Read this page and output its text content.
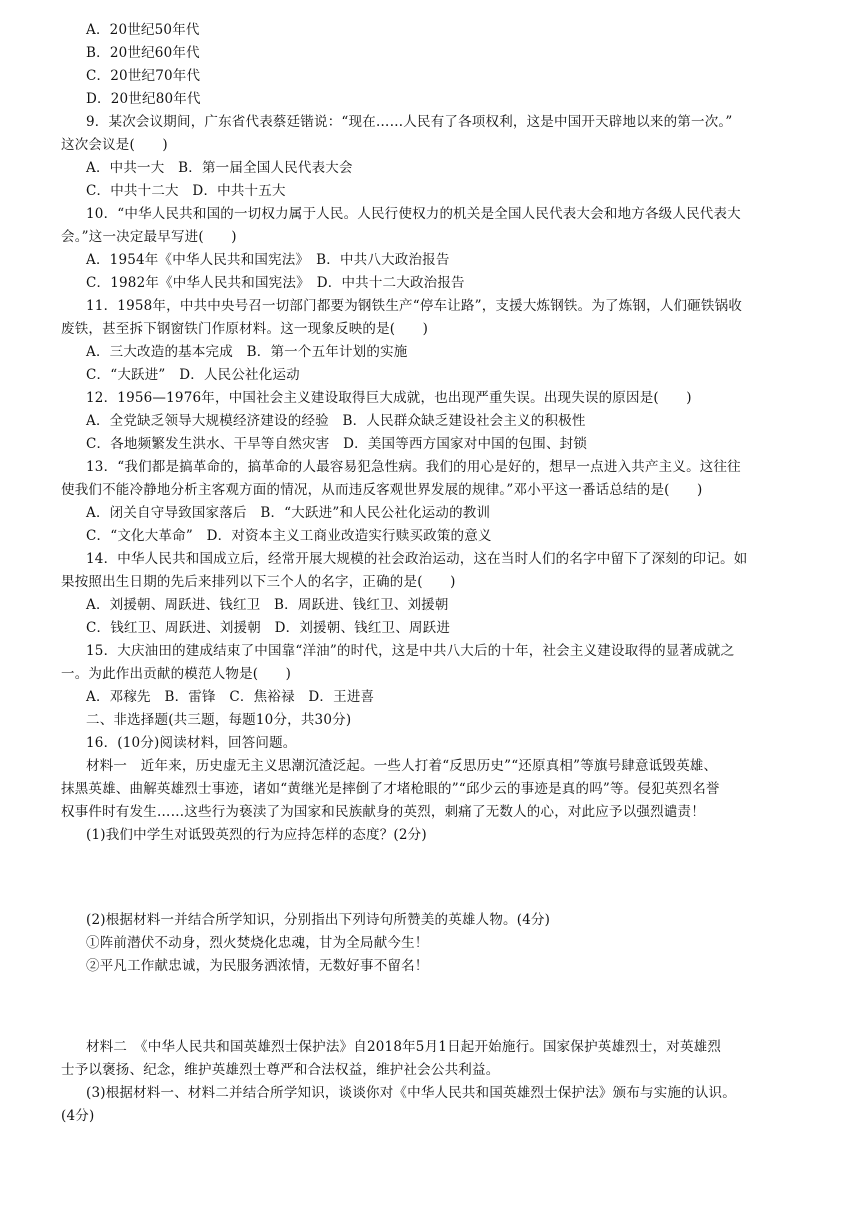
A．20世纪50年代
B．20世纪60年代
C．20世纪70年代
D．20世纪80年代
9．某次会议期间，广东省代表蔡廷锴说：“现在……人民有了各项权利，这是中国开天辟地以来的第一次。”
这次会议是(　　)
A．中共一大　B．第一届全国人民代表大会
C．中共十二大　D．中共十五大
10．“中华人民共和国的一切权力属于人民。人民行使权力的机关是全国人民代表大会和地方各级人民代表大
会。”这一决定最早写进(　　)
A．1954年《中华人民共和国宪法》　B．中共八大政治报告
C．1982年《中华人民共和国宪法》　D．中共十二大政治报告
11．1958年，中共中央号召一切部门都要为钢铁生产“停车让路”，支援大炼钢铁。为了炼钢，人们砸铁锅收
废铁，甚至拆下钢窗铁门作原材料。这一现象反映的是(　　)
A．三大改造的基本完成　B．第一个五年计划的实施
C．“大跃进”　D．人民公社化运动
12．1956—1976年，中国社会主义建设取得巨大成就，也出现严重失误。出现失误的原因是(　　)
A．全党缺乏领导大规模经济建设的经验　B．人民群众缺乏建设社会主义的积极性
C．各地频繁发生洪水、干旱等自然灾害　D．美国等西方国家对中国的包围、封锁
13．“我们都是搞革命的，搞革命的人最容易犯急性病。我们的用心是好的，想早一点进入共产主义。这往往
使我们不能冷静地分析主客观方面的情况，从而违反客观世界发展的规律。”邓小平这一番话总结的是(　　)
A．闭关自守导致国家落后　B．“大跃进”和人民公社化运动的教训
C．“文化大革命”　D．对资本主义工商业改造实行赎买政策的意义
14．中华人民共和国成立后，经常开展大规模的社会政治运动，这在当时人们的名字中留下了深刻的印记。如
果按照出生日期的先后来排列以下三个人的名字，正确的是(　　)
A．刘援朝、周跃进、钱红卫　B．周跃进、钱红卫、刘援朝
C．钱红卫、周跃进、刘援朝　D．刘援朝、钱红卫、周跃进
15．大庆油田的建成结束了中国靠“洋油”的时代，这是中共八大后的十年，社会主义建设取得的显著成就之
一。为此作出贡献的模范人物是(　　)
A．邓稼先　B．雷锋　C．焦裕禄　D．王进喜
二、非选择题(共三题，每题10分，共30分)
16．(10分)阅读材料，回答问题。
材料一　近年来，历史虚无主义思潮沉渣泛起。一些人打着“反思历史”“还原真相”等旗号肆意诋毁英雄、
抹黑英雄、曲解英雄烈士事迹，诸如“黄继光是摔倒了才堵枪眼的”“邱少云的事迹是真的吗”等。侵犯英烈名誉
权事件时有发生……这些行为亵渎了为国家和民族献身的英烈，刺痛了无数人的心，对此应予以强烈谴责！
(1)我们中学生对诋毁英烈的行为应持怎样的态度？(2分)
(2)根据材料一并结合所学知识，分别指出下列诗句所赞美的英雄人物。(4分)
①阵前潜伏不动身，烈火焚烧化忠魂，甘为全局献今生！
②平凡工作献忠诚，为民服务洒浓情，无数好事不留名！
材料二　《中华人民共和国英雄烈士保护法》自2018年5月1日起开始施行。国家保护英雄烈士，对英雄烈
士予以褒扬、纪念，维护英雄烈士尊严和合法权益，维护社会公共利益。
(3)根据材料一、材料二并结合所学知识，谈谈你对《中华人民共和国英雄烈士保护法》颁布与实施的认识。
(4分)
